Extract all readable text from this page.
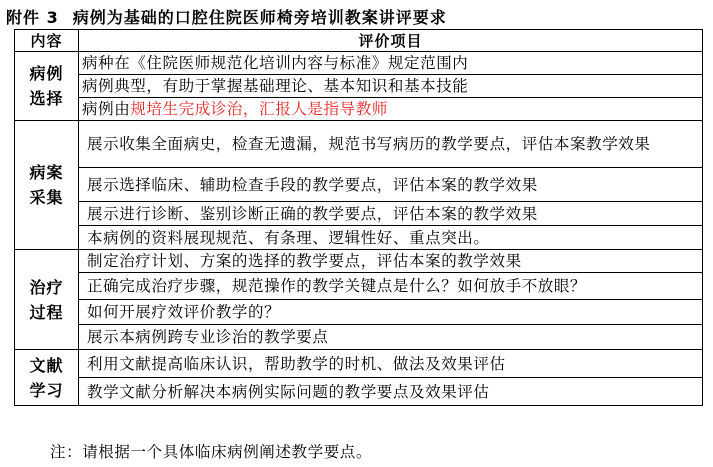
附件 3 病例为基础的口腔住院医师椅旁培训教案讲评要求
内容	评价项目

病例
选择	病种在《住院医师规范化培训内容与标准》规定范围内
	病例典型，有助于掌握基础理论、基本知识和基本技能
	病例由规培生完成诊治，汇报人是指导教师

病案
采集	展示收集全面病史，检查无遗漏，规范书写病历的教学要点，评估本案教学效果
	展示选择临床、辅助检查手段的教学要点，评估本案的教学效果
	展示进行诊断、鉴别诊断正确的教学要点，评估本案的教学效果
	本病例的资料展现规范、有条理、逻辑性好、重点突出。

治疗
过程	制定治疗计划、方案的选择的教学要点，评估本案的教学效果
	正确完成治疗步骤，规范操作的教学关键点是什么？如何放手不放眼？
	如何开展疗效评价教学的？
	展示本病例跨专业诊治的教学要点

文献
学习	利用文献提高临床认识，帮助教学的时机、做法及效果评估
	教学文献分析解决本病例实际问题的教学要点及效果评估
注：请根据一个具体临床病例阐述教学要点。
